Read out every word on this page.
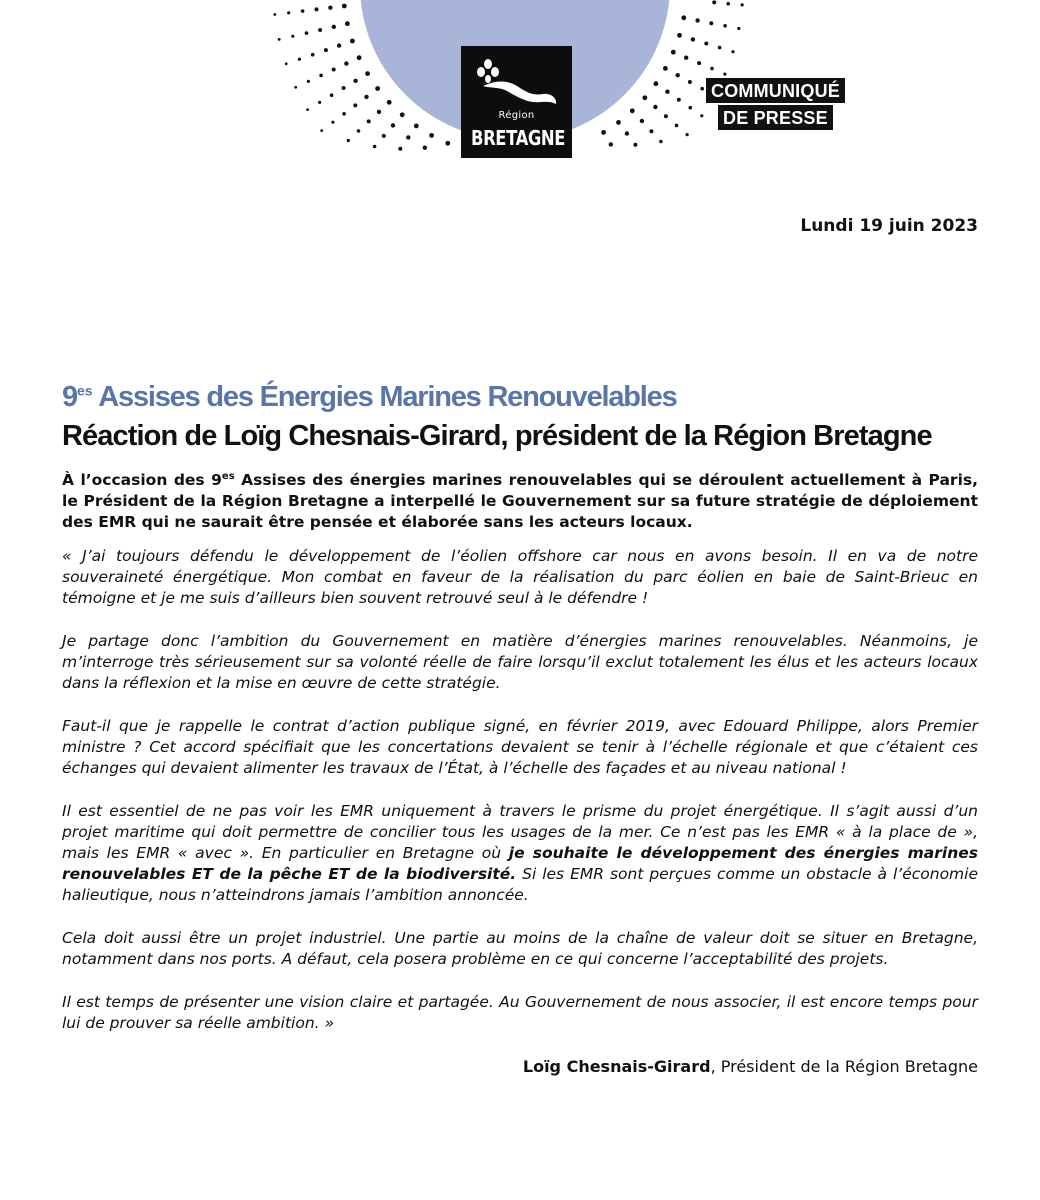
Région
BRETAGNE
COMMUNIQUÉ
DE PRESSE
Lundi 19 juin 2023
$9^{es}$ Assises des Énergies Marines Renouvelables
Réaction de Loïg Chesnais-Girard, président de la Région Bretagne
À l’occasion des $9^{es}$ Assises des énergies marines renouvelables qui se déroulent actuellement à Paris, le Président de la Région Bretagne a interpellé le Gouvernement sur sa future stratégie de déploiement des EMR qui ne saurait être pensée et élaborée sans les acteurs locaux.

« J’ai toujours défendu le développement de l’éolien offshore car nous en avons besoin. Il en va de notre souveraineté énergétique. Mon combat en faveur de la réalisation du parc éolien en baie de Saint-Brieuc en témoigne et je me suis d’ailleurs bien souvent retrouvé seul à le défendre !

Je partage donc l’ambition du Gouvernement en matière d’énergies marines renouvelables. Néanmoins, je m’interroge très sérieusement sur sa volonté réelle de faire lorsqu’il exclut totalement les élus et les acteurs locaux dans la réflexion et la mise en œuvre de cette stratégie.

Faut-il que je rappelle le contrat d’action publique signé, en février 2019, avec Edouard Philippe, alors Premier ministre ? Cet accord spécifiait que les concertations devaient se tenir à l’échelle régionale et que c’étaient ces échanges qui devaient alimenter les travaux de l’État, à l’échelle des façades et au niveau national !

Il est essentiel de ne pas voir les EMR uniquement à travers le prisme du projet énergétique. Il s’agit aussi d’un projet maritime qui doit permettre de concilier tous les usages de la mer. Ce n’est pas les EMR « à la place de », mais les EMR « avec ». En particulier en Bretagne où je souhaite le développement des énergies marines renouvelables ET de la pêche ET de la biodiversité. Si les EMR sont perçues comme un obstacle à l’économie halieutique, nous n’atteindrons jamais l’ambition annoncée.

Cela doit aussi être un projet industriel. Une partie au moins de la chaîne de valeur doit se situer en Bretagne, notamment dans nos ports. A défaut, cela posera problème en ce qui concerne l’acceptabilité des projets.

Il est temps de présenter une vision claire et partagée. Au Gouvernement de nous associer, il est encore temps pour lui de prouver sa réelle ambition. »

Loïg Chesnais-Girard, Président de la Région Bretagne
